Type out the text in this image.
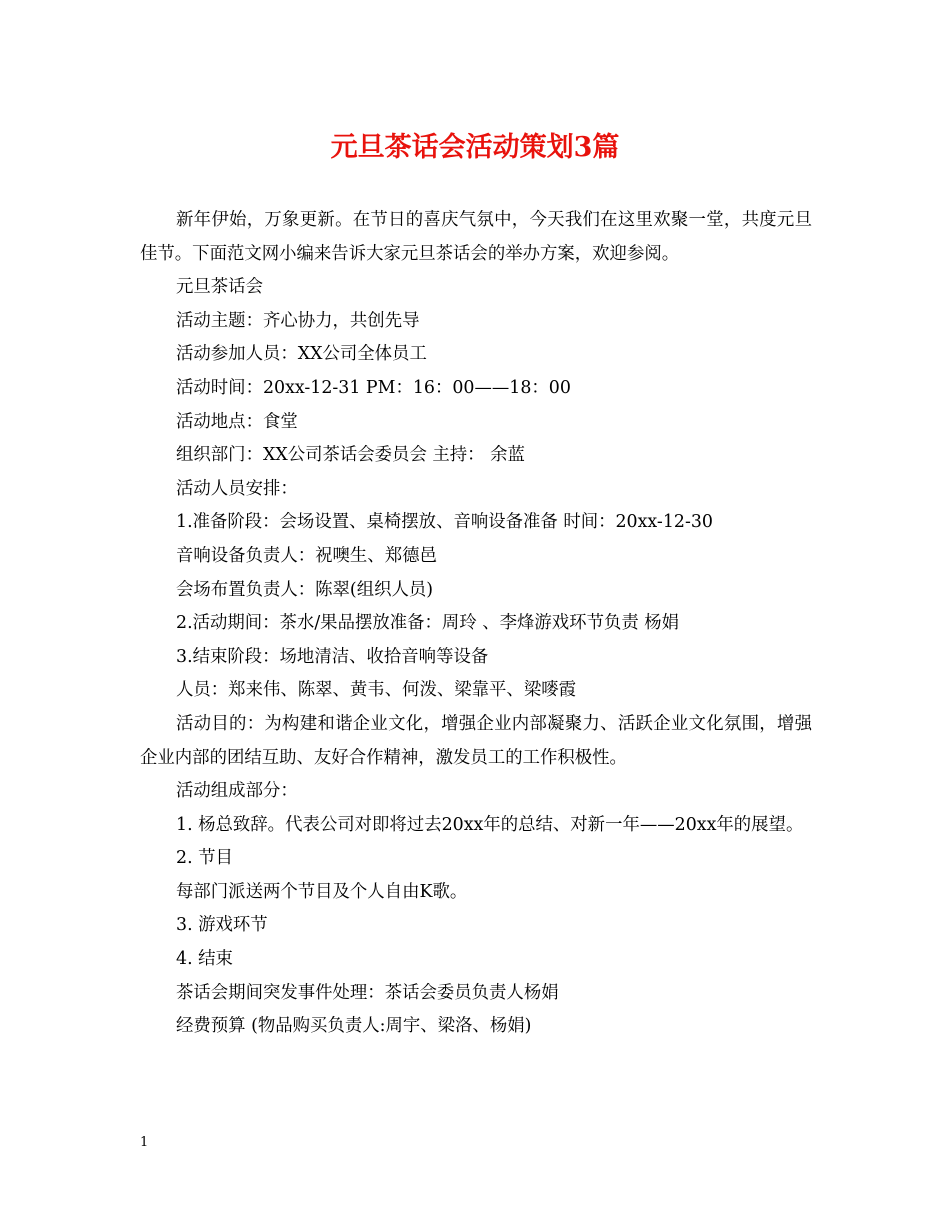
元旦茶话会活动策划3篇

新年伊始，万象更新。在节日的喜庆气氛中，今天我们在这里欢聚一堂，共度元旦佳节。下面范文网小编来告诉大家元旦茶话会的举办方案，欢迎参阅。

元旦茶话会

活动主题：齐心协力，共创先导

活动参加人员：XX公司全体员工

活动时间：20xx-12-31 PM：16：00——18：00

活动地点：食堂

组织部门：XX公司茶话会委员会 主持： 余蓝

活动人员安排：

1.准备阶段：会场设置、桌椅摆放、音响设备准备 时间：20xx-12-30

音响设备负责人：祝噢生、郑德邑

会场布置负责人：陈翠(组织人员)

2.活动期间：茶水/果品摆放准备：周玲 、李烽游戏环节负责 杨娟

3.结束阶段：场地清洁、收拾音响等设备

人员：郑来伟、陈翠、黄韦、何泼、梁靠平、梁嘜霞

活动目的：为构建和谐企业文化，增强企业内部凝聚力、活跃企业文化氛围，增强企业内部的团结互助、友好合作精神，激发员工的工作积极性。

活动组成部分：

1. 杨总致辞。代表公司对即将过去20xx年的总结、对新一年——20xx年的展望。

2. 节目

每部门派送两个节目及个人自由K歌。

3. 游戏环节

4. 结束

茶话会期间突发事件处理：茶话会委员负责人杨娟

经费预算 (物品购买负责人:周宇、梁洛、杨娟)

1
